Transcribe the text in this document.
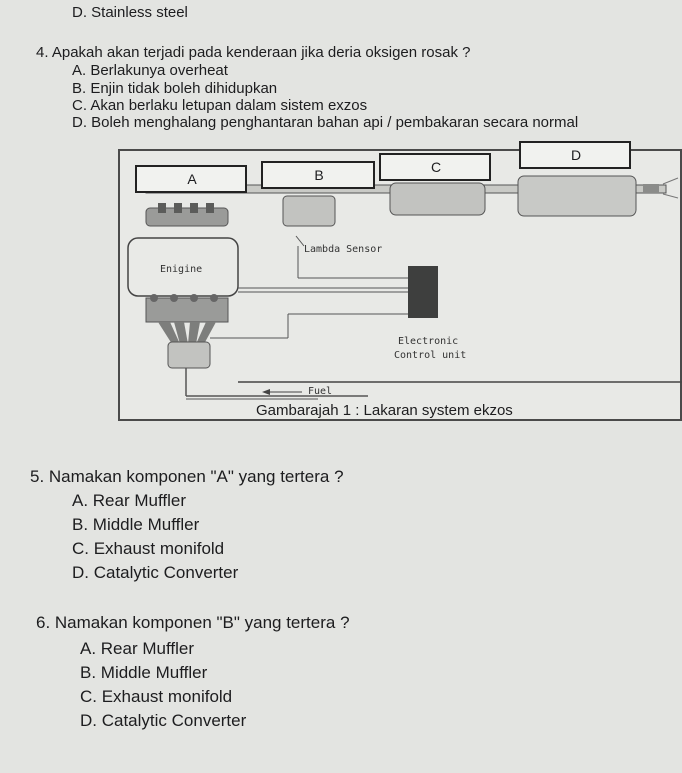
D. Stainless steel
4. Apakah akan terjadi pada kenderaan jika deria oksigen rosak ?
A. Berlakunya overheat
B. Enjin tidak boleh dihidupkan
C. Akan berlaku letupan dalam sistem exzos
D. Boleh menghalang penghantaran bahan api / pembakaran secara normal
A	B	C
D
Enigine
Lambda Sensor
Electronic
Control unit
Fuel
Gambarajah 1 : Lakaran system ekzos
5. Namakan komponen "A" yang tertera ?
A. Rear Muffler
B. Middle Muffler
C. Exhaust monifold
D. Catalytic Converter
6. Namakan komponen "B" yang tertera ?
A. Rear Muffler
B. Middle Muffler
C. Exhaust monifold
D. Catalytic Converter
